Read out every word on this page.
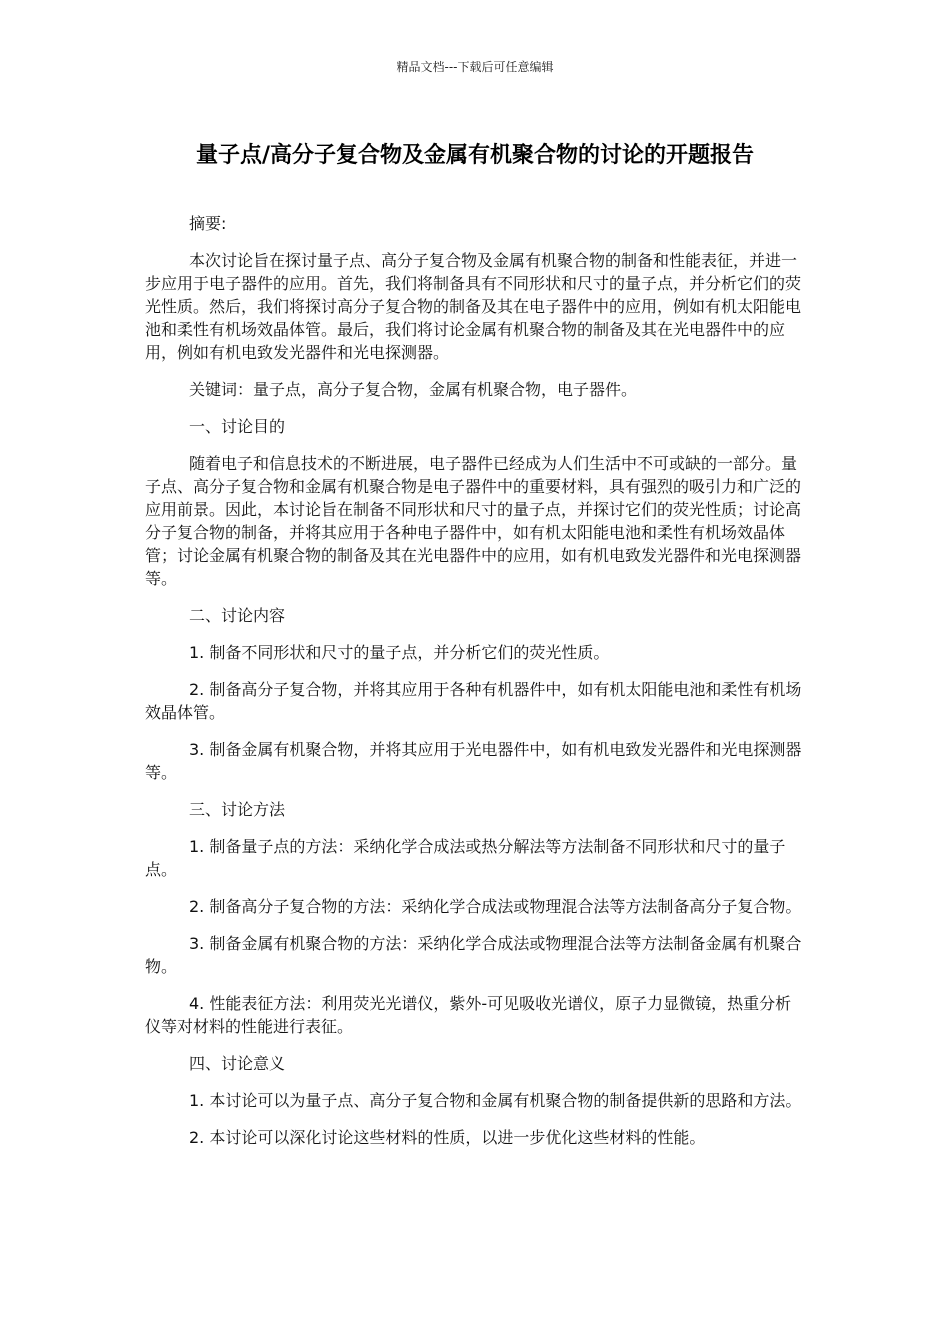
精品文档---下载后可任意编辑
量子点/高分子复合物及金属有机聚合物的讨论的开题报告

摘要:

本次讨论旨在探讨量子点、高分子复合物及金属有机聚合物的制备和性能表征，并进一步应用于电子器件的应用。首先，我们将制备具有不同形状和尺寸的量子点，并分析它们的荧光性质。然后，我们将探讨高分子复合物的制备及其在电子器件中的应用，例如有机太阳能电池和柔性有机场效晶体管。最后，我们将讨论金属有机聚合物的制备及其在光电器件中的应用，例如有机电致发光器件和光电探测器。

关键词：量子点，高分子复合物，金属有机聚合物，电子器件。

一、讨论目的

随着电子和信息技术的不断进展，电子器件已经成为人们生活中不可或缺的一部分。量子点、高分子复合物和金属有机聚合物是电子器件中的重要材料，具有强烈的吸引力和广泛的应用前景。因此，本讨论旨在制备不同形状和尺寸的量子点，并探讨它们的荧光性质；讨论高分子复合物的制备，并将其应用于各种电子器件中，如有机太阳能电池和柔性有机场效晶体管；讨论金属有机聚合物的制备及其在光电器件中的应用，如有机电致发光器件和光电探测器等。

二、讨论内容

1. 制备不同形状和尺寸的量子点，并分析它们的荧光性质。

2. 制备高分子复合物，并将其应用于各种有机器件中，如有机太阳能电池和柔性有机场效晶体管。

3. 制备金属有机聚合物，并将其应用于光电器件中，如有机电致发光器件和光电探测器等。

三、讨论方法

1. 制备量子点的方法：采纳化学合成法或热分解法等方法制备不同形状和尺寸的量子点。

2. 制备高分子复合物的方法：采纳化学合成法或物理混合法等方法制备高分子复合物。

3. 制备金属有机聚合物的方法：采纳化学合成法或物理混合法等方法制备金属有机聚合物。

4. 性能表征方法：利用荧光光谱仪，紫外-可见吸收光谱仪，原子力显微镜，热重分析仪等对材料的性能进行表征。

四、讨论意义

1. 本讨论可以为量子点、高分子复合物和金属有机聚合物的制备提供新的思路和方法。

2. 本讨论可以深化讨论这些材料的性质，以进一步优化这些材料的性能。
